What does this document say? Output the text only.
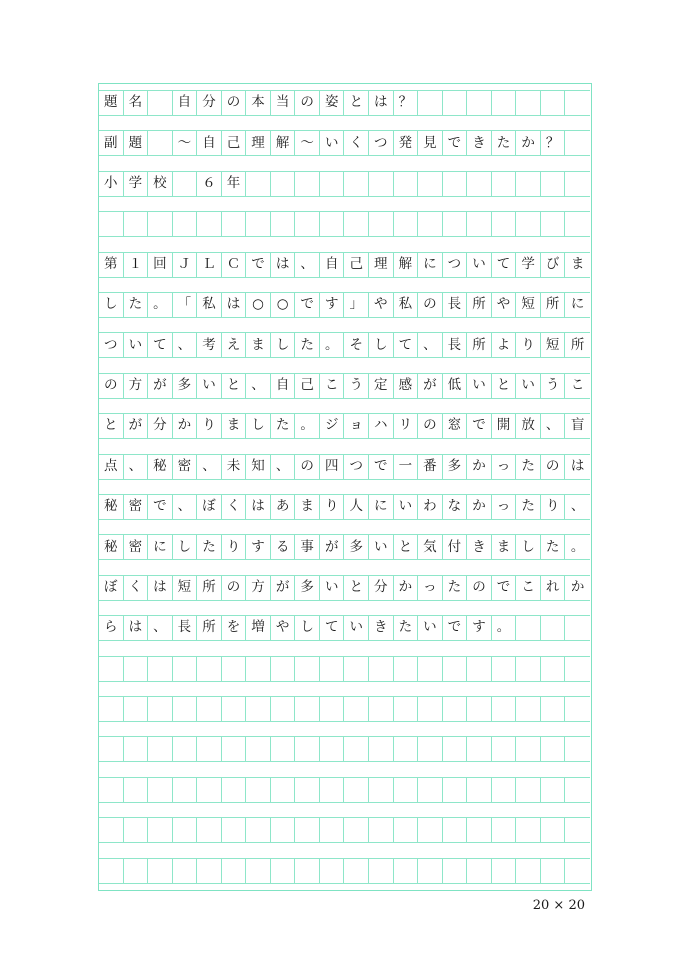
題 名	自 分 の 本 当 の 姿 と は ？
副 題	～ 自 己 理 解 ～ い く つ 発 見 で き た か ？
小 学 校	６ 年
第 １ 回 Ｊ Ｌ Ｃ で は 、 自 己 理 解 に つ い て 学 び ま
し た 。 「 私 は ○ ○ で す 」 や 私 の 長 所 や 短 所 に
つ い て 、 考 え ま し た 。 そ し て 、 長 所 よ り 短 所
の 方 が 多 い と 、 自 己 こ う 定 感 が 低 い と い う こ
と が 分 か り ま し た 。 ジ ョ ハ リ の 窓 で 開 放 、 盲
点 、 秘 密 、 未 知 、 の 四 つ で 一 番 多 か っ た の は
秘 密 で 、 ぼ く は あ ま り 人 に い わ な か っ た り 、
秘 密 に し た り す る 事 が 多 い と 気 付 き ま し た 。
ぼ く は 短 所 の 方 が 多 い と 分 か っ た の で こ れ か
ら は 、 長 所 を 増 や し て い き た い で す 。
20 × 20
